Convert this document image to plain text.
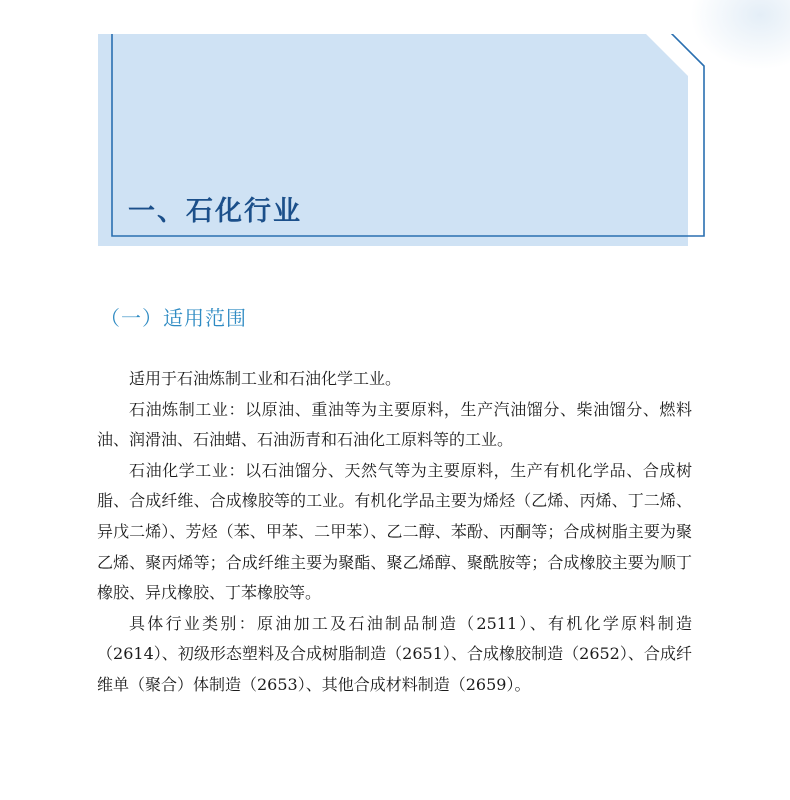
一、石化行业
（一）适用范围

适用于石油炼制工业和石油化学工业。

石油炼制工业：以原油、重油等为主要原料，生产汽油馏分、柴油馏分、燃料油、润滑油、石油蜡、石油沥青和石油化工原料等的工业。

石油化学工业：以石油馏分、天然气等为主要原料，生产有机化学品、合成树脂、合成纤维、合成橡胶等的工业。有机化学品主要为烯烃（乙烯、丙烯、丁二烯、异戊二烯）、芳烃（苯、甲苯、二甲苯）、乙二醇、苯酚、丙酮等；合成树脂主要为聚乙烯、聚丙烯等；合成纤维主要为聚酯、聚乙烯醇、聚酰胺等；合成橡胶主要为顺丁橡胶、异戊橡胶、丁苯橡胶等。

具体行业类别：原油加工及石油制品制造（2511）、有机化学原料制造（2614）、初级形态塑料及合成树脂制造（2651）、合成橡胶制造（2652）、合成纤维单（聚合）体制造（2653）、其他合成材料制造（2659）。
